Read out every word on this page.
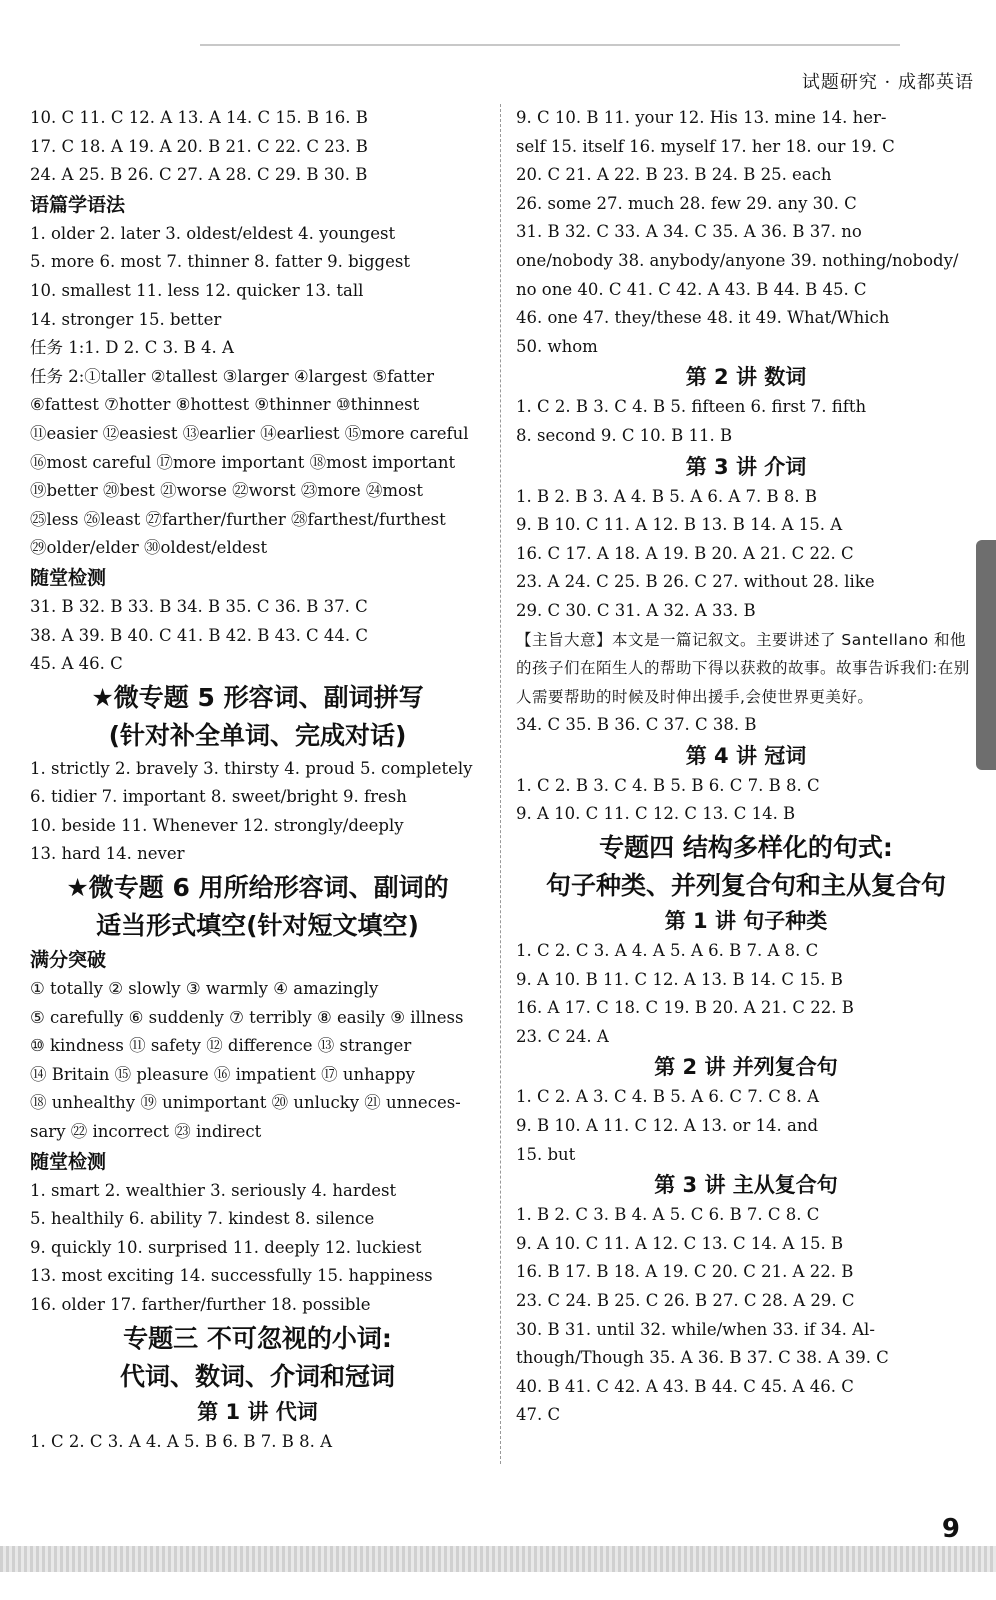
试题研究 · 成都英语
10. C 11. C 12. A 13. A 14. C 15. B 16. B
17. C 18. A 19. A 20. B 21. C 22. C 23. B
24. A 25. B 26. C 27. A 28. C 29. B 30. B
语篇学语法
1. older 2. later 3. oldest/eldest 4. youngest
5. more 6. most 7. thinner 8. fatter 9. biggest
10. smallest 11. less 12. quicker 13. tall
14. stronger 15. better
任务 1:1. D 2. C 3. B 4. A
任务 2:①taller ②tallest ③larger ④largest ⑤fatter
⑥fattest ⑦hotter ⑧hottest ⑨thinner ⑩thinnest
⑪easier ⑫easiest ⑬earlier ⑭earliest ⑮more careful
⑯most careful ⑰more important ⑱most important
⑲better ⑳best ㉑worse ㉒worst ㉓more ㉔most
㉕less ㉖least ㉗farther/further ㉘farthest/furthest
㉙older/elder ㉚oldest/eldest
随堂检测
31. B 32. B 33. B 34. B 35. C 36. B 37. C
38. A 39. B 40. C 41. B 42. B 43. C 44. C
45. A 46. C
★微专题 5 形容词、副词拼写
(针对补全单词、完成对话)
1. strictly 2. bravely 3. thirsty 4. proud 5. completely
6. tidier 7. important 8. sweet/bright 9. fresh
10. beside 11. Whenever 12. strongly/deeply
13. hard 14. never
★微专题 6 用所给形容词、副词的
适当形式填空(针对短文填空)
满分突破
① totally ② slowly ③ warmly ④ amazingly
⑤ carefully ⑥ suddenly ⑦ terribly ⑧ easily ⑨ illness
⑩ kindness ⑪ safety ⑫ difference ⑬ stranger
⑭ Britain ⑮ pleasure ⑯ impatient ⑰ unhappy
⑱ unhealthy ⑲ unimportant ⑳ unlucky ㉑ unneces-
sary ㉒ incorrect ㉓ indirect
随堂检测
1. smart 2. wealthier 3. seriously 4. hardest
5. healthily 6. ability 7. kindest 8. silence
9. quickly 10. surprised 11. deeply 12. luckiest
13. most exciting 14. successfully 15. happiness
16. older 17. farther/further 18. possible
专题三 不可忽视的小词:
代词、数词、介词和冠词
第 1 讲 代词
1. C 2. C 3. A 4. A 5. B 6. B 7. B 8. A
9. C 10. B 11. your 12. His 13. mine 14. her-
self 15. itself 16. myself 17. her 18. our 19. C
20. C 21. A 22. B 23. B 24. B 25. each
26. some 27. much 28. few 29. any 30. C
31. B 32. C 33. A 34. C 35. A 36. B 37. no
one/nobody 38. anybody/anyone 39. nothing/nobody/
no one 40. C 41. C 42. A 43. B 44. B 45. C
46. one 47. they/these 48. it 49. What/Which
50. whom
第 2 讲 数词
1. C 2. B 3. C 4. B 5. fifteen 6. first 7. fifth
8. second 9. C 10. B 11. B
第 3 讲 介词
1. B 2. B 3. A 4. B 5. A 6. A 7. B 8. B
9. B 10. C 11. A 12. B 13. B 14. A 15. A
16. C 17. A 18. A 19. B 20. A 21. C 22. C
23. A 24. C 25. B 26. C 27. without 28. like
29. C 30. C 31. A 32. A 33. B
【主旨大意】本文是一篇记叙文。主要讲述了 Santellano 和他的孩子们在陌生人的帮助下得以获救的故事。故事告诉我们:在别人需要帮助的时候及时伸出援手,会使世界更美好。
34. C 35. B 36. C 37. C 38. B
第 4 讲 冠词
1. C 2. B 3. C 4. B 5. B 6. C 7. B 8. C
9. A 10. C 11. C 12. C 13. C 14. B
专题四 结构多样化的句式:
句子种类、并列复合句和主从复合句
第 1 讲 句子种类
1. C 2. C 3. A 4. A 5. A 6. B 7. A 8. C
9. A 10. B 11. C 12. A 13. B 14. C 15. B
16. A 17. C 18. C 19. B 20. A 21. C 22. B
23. C 24. A
第 2 讲 并列复合句
1. C 2. A 3. C 4. B 5. A 6. C 7. C 8. A
9. B 10. A 11. C 12. A 13. or 14. and
15. but
第 3 讲 主从复合句
1. B 2. C 3. B 4. A 5. C 6. B 7. C 8. C
9. A 10. C 11. A 12. C 13. C 14. A 15. B
16. B 17. B 18. A 19. C 20. C 21. A 22. B
23. C 24. B 25. C 26. B 27. C 28. A 29. C
30. B 31. until 32. while/when 33. if 34. Al-
though/Though 35. A 36. B 37. C 38. A 39. C
40. B 41. C 42. A 43. B 44. C 45. A 46. C
47. C
9
